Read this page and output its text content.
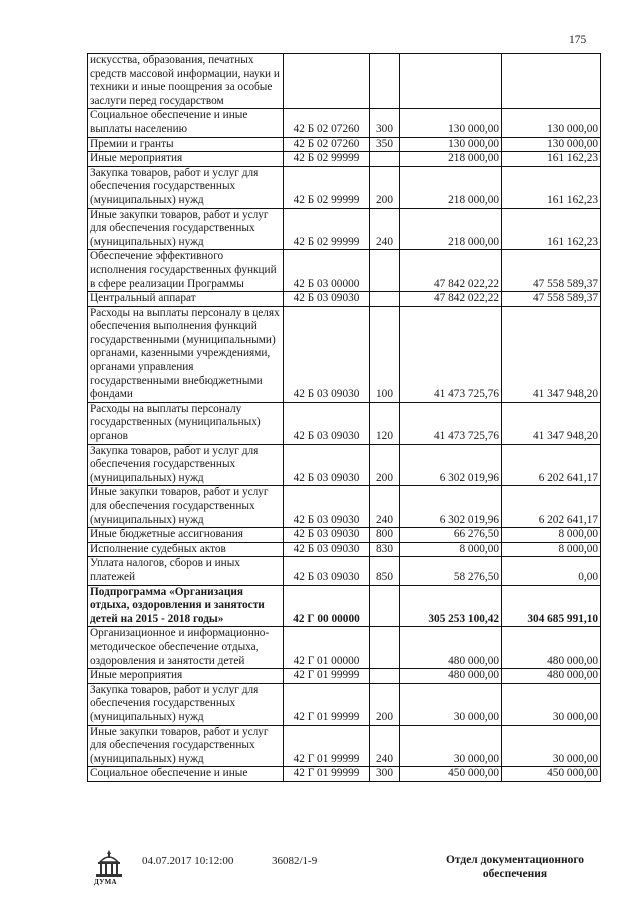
175
искусства, образования, печатных средств массовой информации, науки и техники и иные поощрения за особые заслуги перед государством				
Социальное обеспечение и иные выплаты населению	42 Б 02 07260	300	130 000,00	130 000,00
Премии и гранты	42 Б 02 07260	350	130 000,00	130 000,00
Иные мероприятия	42 Б 02 99999		218 000,00	161 162,23
Закупка товаров, работ и услуг для обеспечения государственных (муниципальных) нужд	42 Б 02 99999	200	218 000,00	161 162,23
Иные закупки товаров, работ и услуг для обеспечения государственных (муниципальных) нужд	42 Б 02 99999	240	218 000,00	161 162,23
Обеспечение эффективного исполнения государственных функций в сфере реализации Программы	42 Б 03 00000		47 842 022,22	47 558 589,37
Центральный аппарат	42 Б 03 09030		47 842 022,22	47 558 589,37
Расходы на выплаты персоналу в целях обеспечения выполнения функций государственными (муниципальными) органами, казенными учреждениями, органами управления государственными внебюджетными фондами	42 Б 03 09030	100	41 473 725,76	41 347 948,20
Расходы на выплаты персоналу государственных (муниципальных) органов	42 Б 03 09030	120	41 473 725,76	41 347 948,20
Закупка товаров, работ и услуг для обеспечения государственных (муниципальных) нужд	42 Б 03 09030	200	6 302 019,96	6 202 641,17
Иные закупки товаров, работ и услуг для обеспечения государственных (муниципальных) нужд	42 Б 03 09030	240	6 302 019,96	6 202 641,17
Иные бюджетные ассигнования	42 Б 03 09030	800	66 276,50	8 000,00
Исполнение судебных актов	42 Б 03 09030	830	8 000,00	8 000,00
Уплата налогов, сборов и иных платежей	42 Б 03 09030	850	58 276,50	0,00
Подпрограмма «Организация отдыха, оздоровления и занятости детей на 2015 - 2018 годы»	42 Г 00 00000		305 253 100,42	304 685 991,10
Организационное и информационно-методическое обеспечение отдыха, оздоровления и занятости детей	42 Г 01 00000		480 000,00	480 000,00
Иные мероприятия	42 Г 01 99999		480 000,00	480 000,00
Закупка товаров, работ и услуг для обеспечения государственных (муниципальных) нужд	42 Г 01 99999	200	30 000,00	30 000,00
Иные закупки товаров, работ и услуг для обеспечения государственных (муниципальных) нужд	42 Г 01 99999	240	30 000,00	30 000,00
Социальное обеспечение и иные	42 Г 01 99999	300	450 000,00	450 000,00
ДУМА
04.07.2017 10:12:00	36082/1-9	Отдел документационного обеспечения
